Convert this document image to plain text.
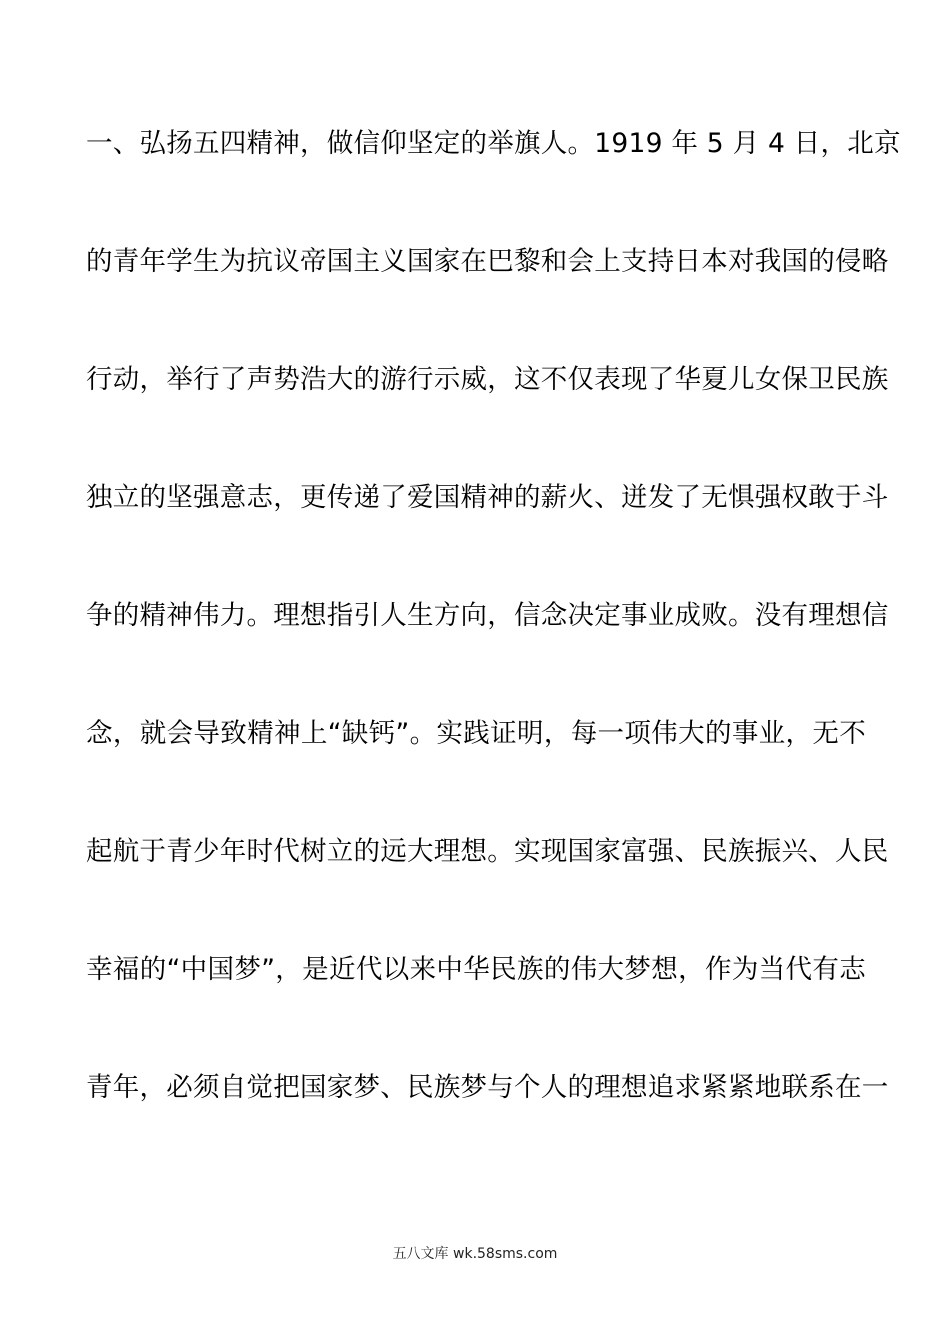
一、弘扬五四精神，做信仰坚定的举旗人。1919 年 5 月 4 日，北京
的青年学生为抗议帝国主义国家在巴黎和会上支持日本对我国的侵略
行动，举行了声势浩大的游行示威，这不仅表现了华夏儿女保卫民族
独立的坚强意志，更传递了爱国精神的薪火、迸发了无惧强权敢于斗
争的精神伟力。理想指引人生方向，信念决定事业成败。没有理想信
念，就会导致精神上“缺钙”。实践证明，每一项伟大的事业，无不
起航于青少年时代树立的远大理想。实现国家富强、民族振兴、人民
幸福的“中国梦”，是近代以来中华民族的伟大梦想，作为当代有志
青年，必须自觉把国家梦、民族梦与个人的理想追求紧紧地联系在一
五八文库 wk.58sms.com
